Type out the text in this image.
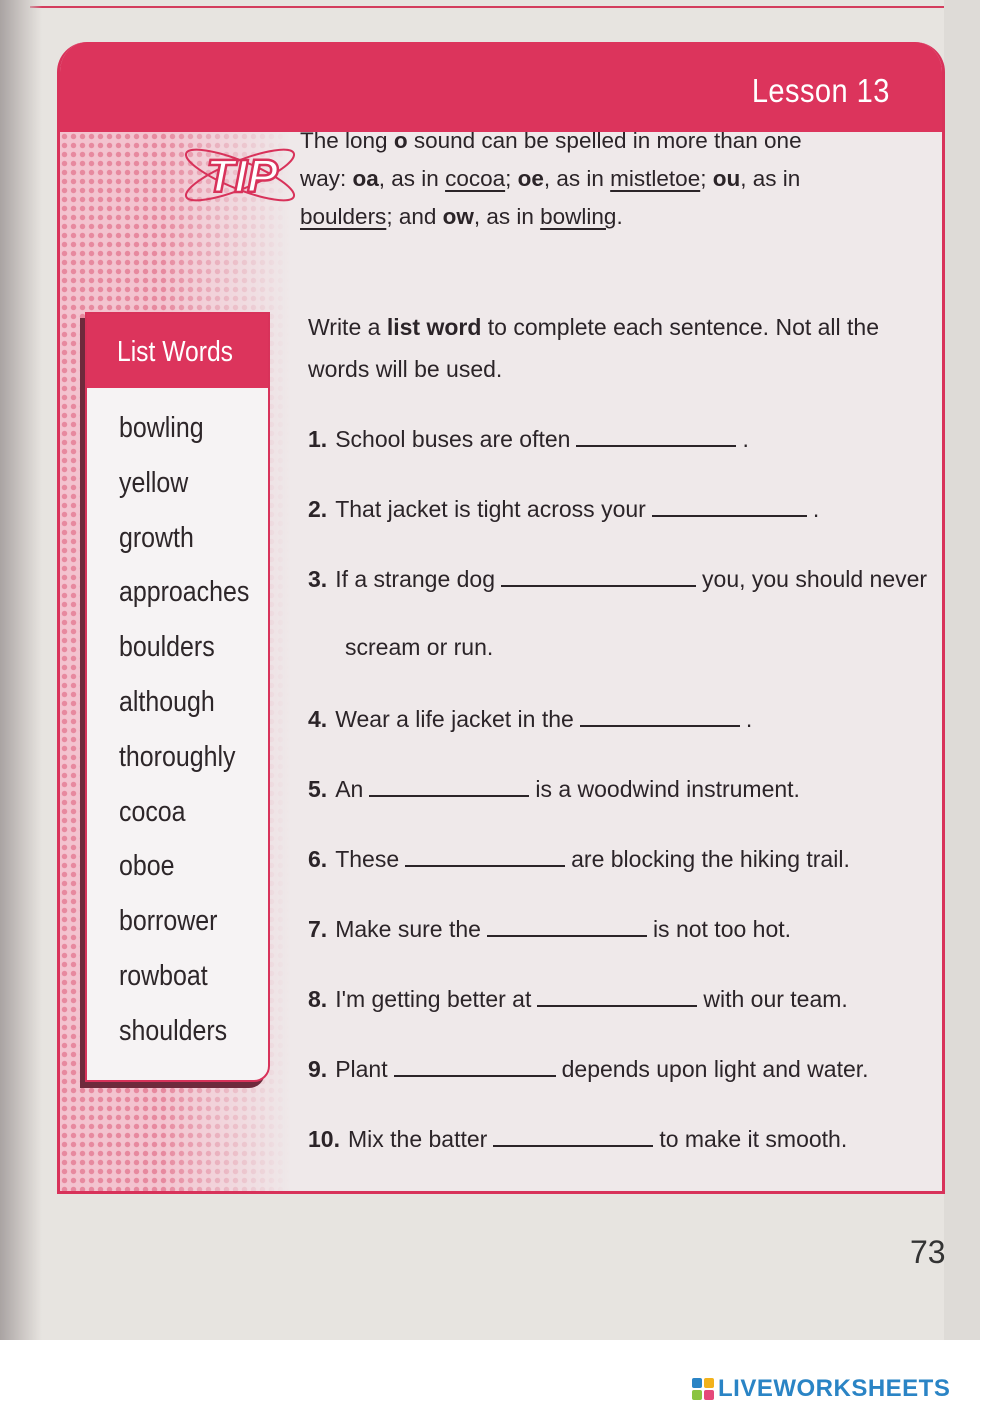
Lesson 13
TIP
The long o sound can be spelled in more than one way: oa, as in cocoa; oe, as in mistletoe; ou, as in boulders; and ow, as in bowling.
List Words
bowling
yellow
growth
approaches
boulders
although
thoroughly
cocoa
oboe
borrower
rowboat
shoulders
Write a list word to complete each sentence. Not all the words will be used.
1. School buses are often	.
2. That jacket is tight across your	.
3. If a strange dog	you, you should never
scream or run.
4. Wear a life jacket in the	.
5. An	is a woodwind instrument.
6. These	are blocking the hiking trail.
7. Make sure the	is not too hot.
8. I'm getting better at	with our team.
9. Plant	depends upon light and water.
10. Mix the batter	to make it smooth.
73
LIVEWORKSHEETS
